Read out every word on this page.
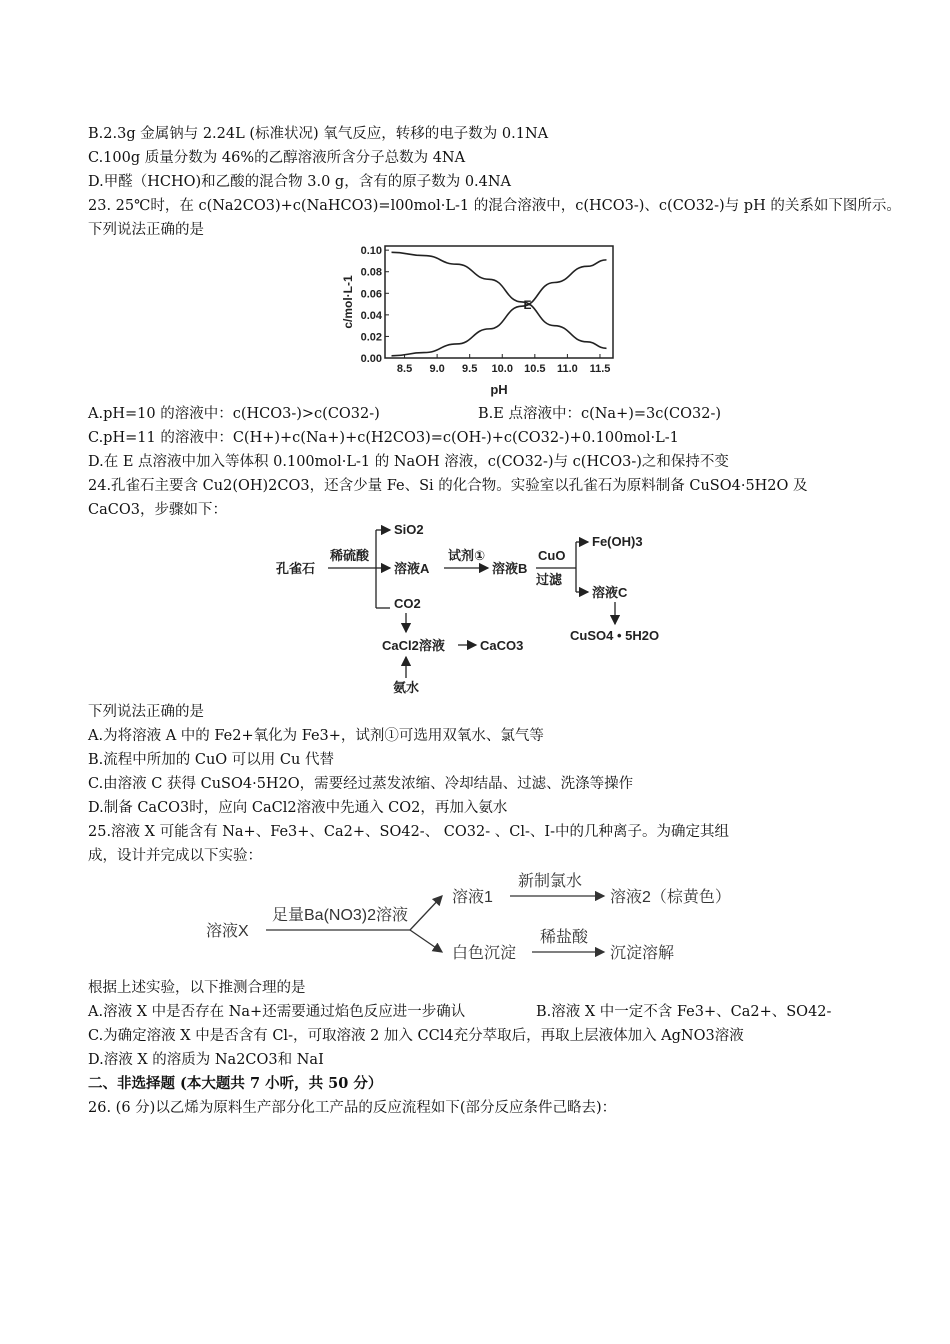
B.2.3g 金属钠与 2.24L (标准状况) 氧气反应，转移的电子数为 0.1NA
C.100g 质量分数为 46%的乙醇溶液所含分子总数为 4NA
D.甲醛（HCHO)和乙酸的混合物 3.0 g，含有的原子数为 0.4NA
23. 25℃时，在 c(Na2CO3)+c(NaHCO3)=l00mol·L-1 的混合溶液中，c(HCO3-)、c(CO32-)与 pH 的关系如下图所示。
下列说法正确的是
c/mol·L-1
pH
8.5 9.0 9.5 10.0 10.5 11.0 11.5
0.00
0.02
0.04
0.06
0.08
0.10
E
A.pH=10 的溶液中：c(HCO3-)>c(CO32-)	B.E 点溶液中：c(Na+)=3c(CO32-)
C.pH=11 的溶液中：C(H+)+c(Na+)+c(H2CO3)=c(OH-)+c(CO32-)+0.100mol·L-1
D.在 E 点溶液中加入等体积 0.100mol·L-1 的 NaOH 溶液，c(CO32-)与 c(HCO3-)之和保持不变
24.孔雀石主要含 Cu2(OH)2CO3，还含少量 Fe、Si 的化合物。实验室以孔雀石为原料制备 CuSO4·5H2O 及
CaCO3，步骤如下：
孔雀石
稀硫酸
SiO2
溶液A
试剂①
溶液B
CuO
过滤
Fe(OH)3
溶液C
CuSO4 • 5H2O
CO2
CaCl2溶液	CaCO3
氨水
下列说法正确的是
A.为将溶液 A 中的 Fe2+氧化为 Fe3+，试剂①可选用双氧水、氯气等
B.流程中所加的 CuO 可以用 Cu 代替
C.由溶液 C 获得 CuSO4·5H2O，需要经过蒸发浓缩、冷却结晶、过滤、洗涤等操作
D.制备 CaCO3时，应向 CaCl2溶液中先通入 CO2，再加入氨水
25.溶液 X 可能含有 Na+、Fe3+、Ca2+、SO42-、 CO32- 、Cl-、I-中的几种离子。为确定其组
成，设计并完成以下实验：
溶液X
足量Ba(NO3)2溶液
溶液1
新制氯水
溶液2（棕黄色）
白色沉淀
稀盐酸
沉淀溶解
根据上述实验，以下推测合理的是
A.溶液 X 中是否存在 Na+还需要通过焰色反应进一步确认	B.溶液 X 中一定不含 Fe3+、Ca2+、SO42-
C.为确定溶液 X 中是否含有 Cl-，可取溶液 2 加入 CCl4充分萃取后，再取上层液体加入 AgNO3溶液
D.溶液 X 的溶质为 Na2CO3和 NaI
二、非选择题 (本大题共 7 小听，共 50 分）
26. (6 分)以乙烯为原料生产部分化工产品的反应流程如下(部分反应条件己略去)：
